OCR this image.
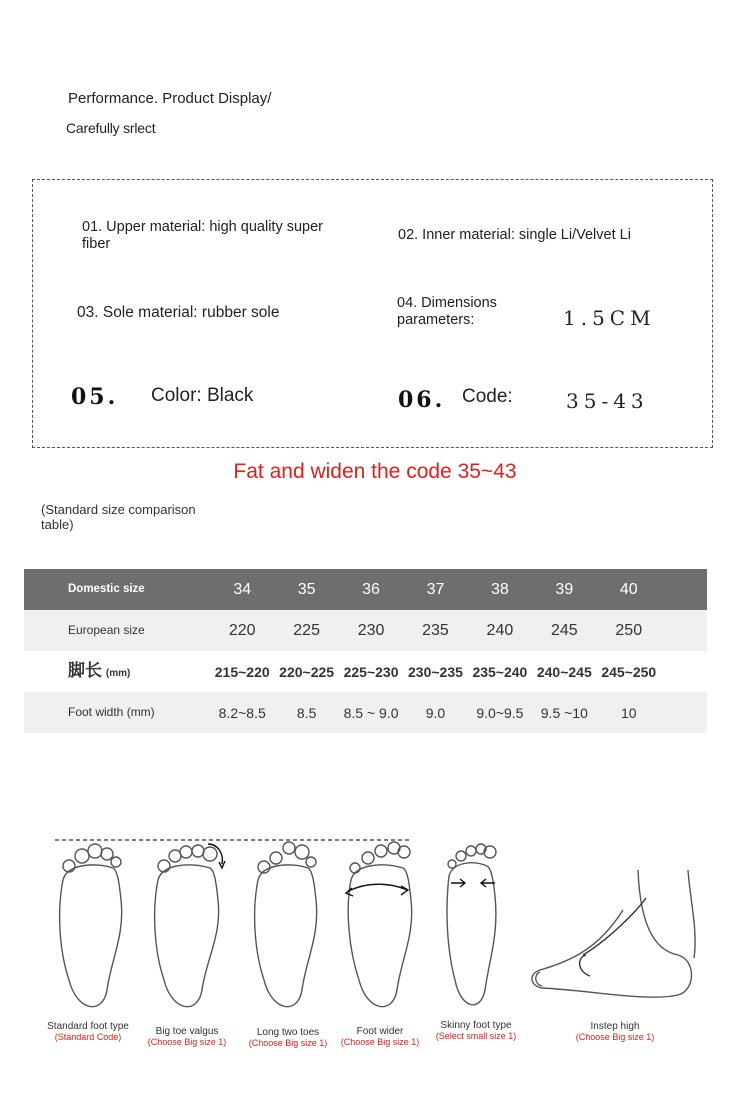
Performance. Product Display/
Carefully srlect
01. Upper material: high quality super fiber
02. Inner material: single Li/Velvet Li
03. Sole material: rubber sole
04. Dimensions parameters:	1.5CM
05. Color: Black	06. Code:	35-43
Fat and widen the code 35~43
(Standard size comparison table)
Domestic size	34	35	36	37	38	39	40	
European size	220	225	230	235	240	245	250	
脚长 (mm)	215~220	220~225	225~230	230~235	235~240	240~245	245~250	
Foot width (mm)	8.2~8.5	8.5	8.5 ~ 9.0	9.0	9.0~9.5	9.5 ~10	10	
Standard foot type
(Standard Code)	Big toe valgus
(Choose Big size 1)
Long two toes
(Choose Big size 1)
Foot wider
(Choose Big size 1)
Skinny foot type
(Select small size 1)
Instep high
(Choose Big size 1)
